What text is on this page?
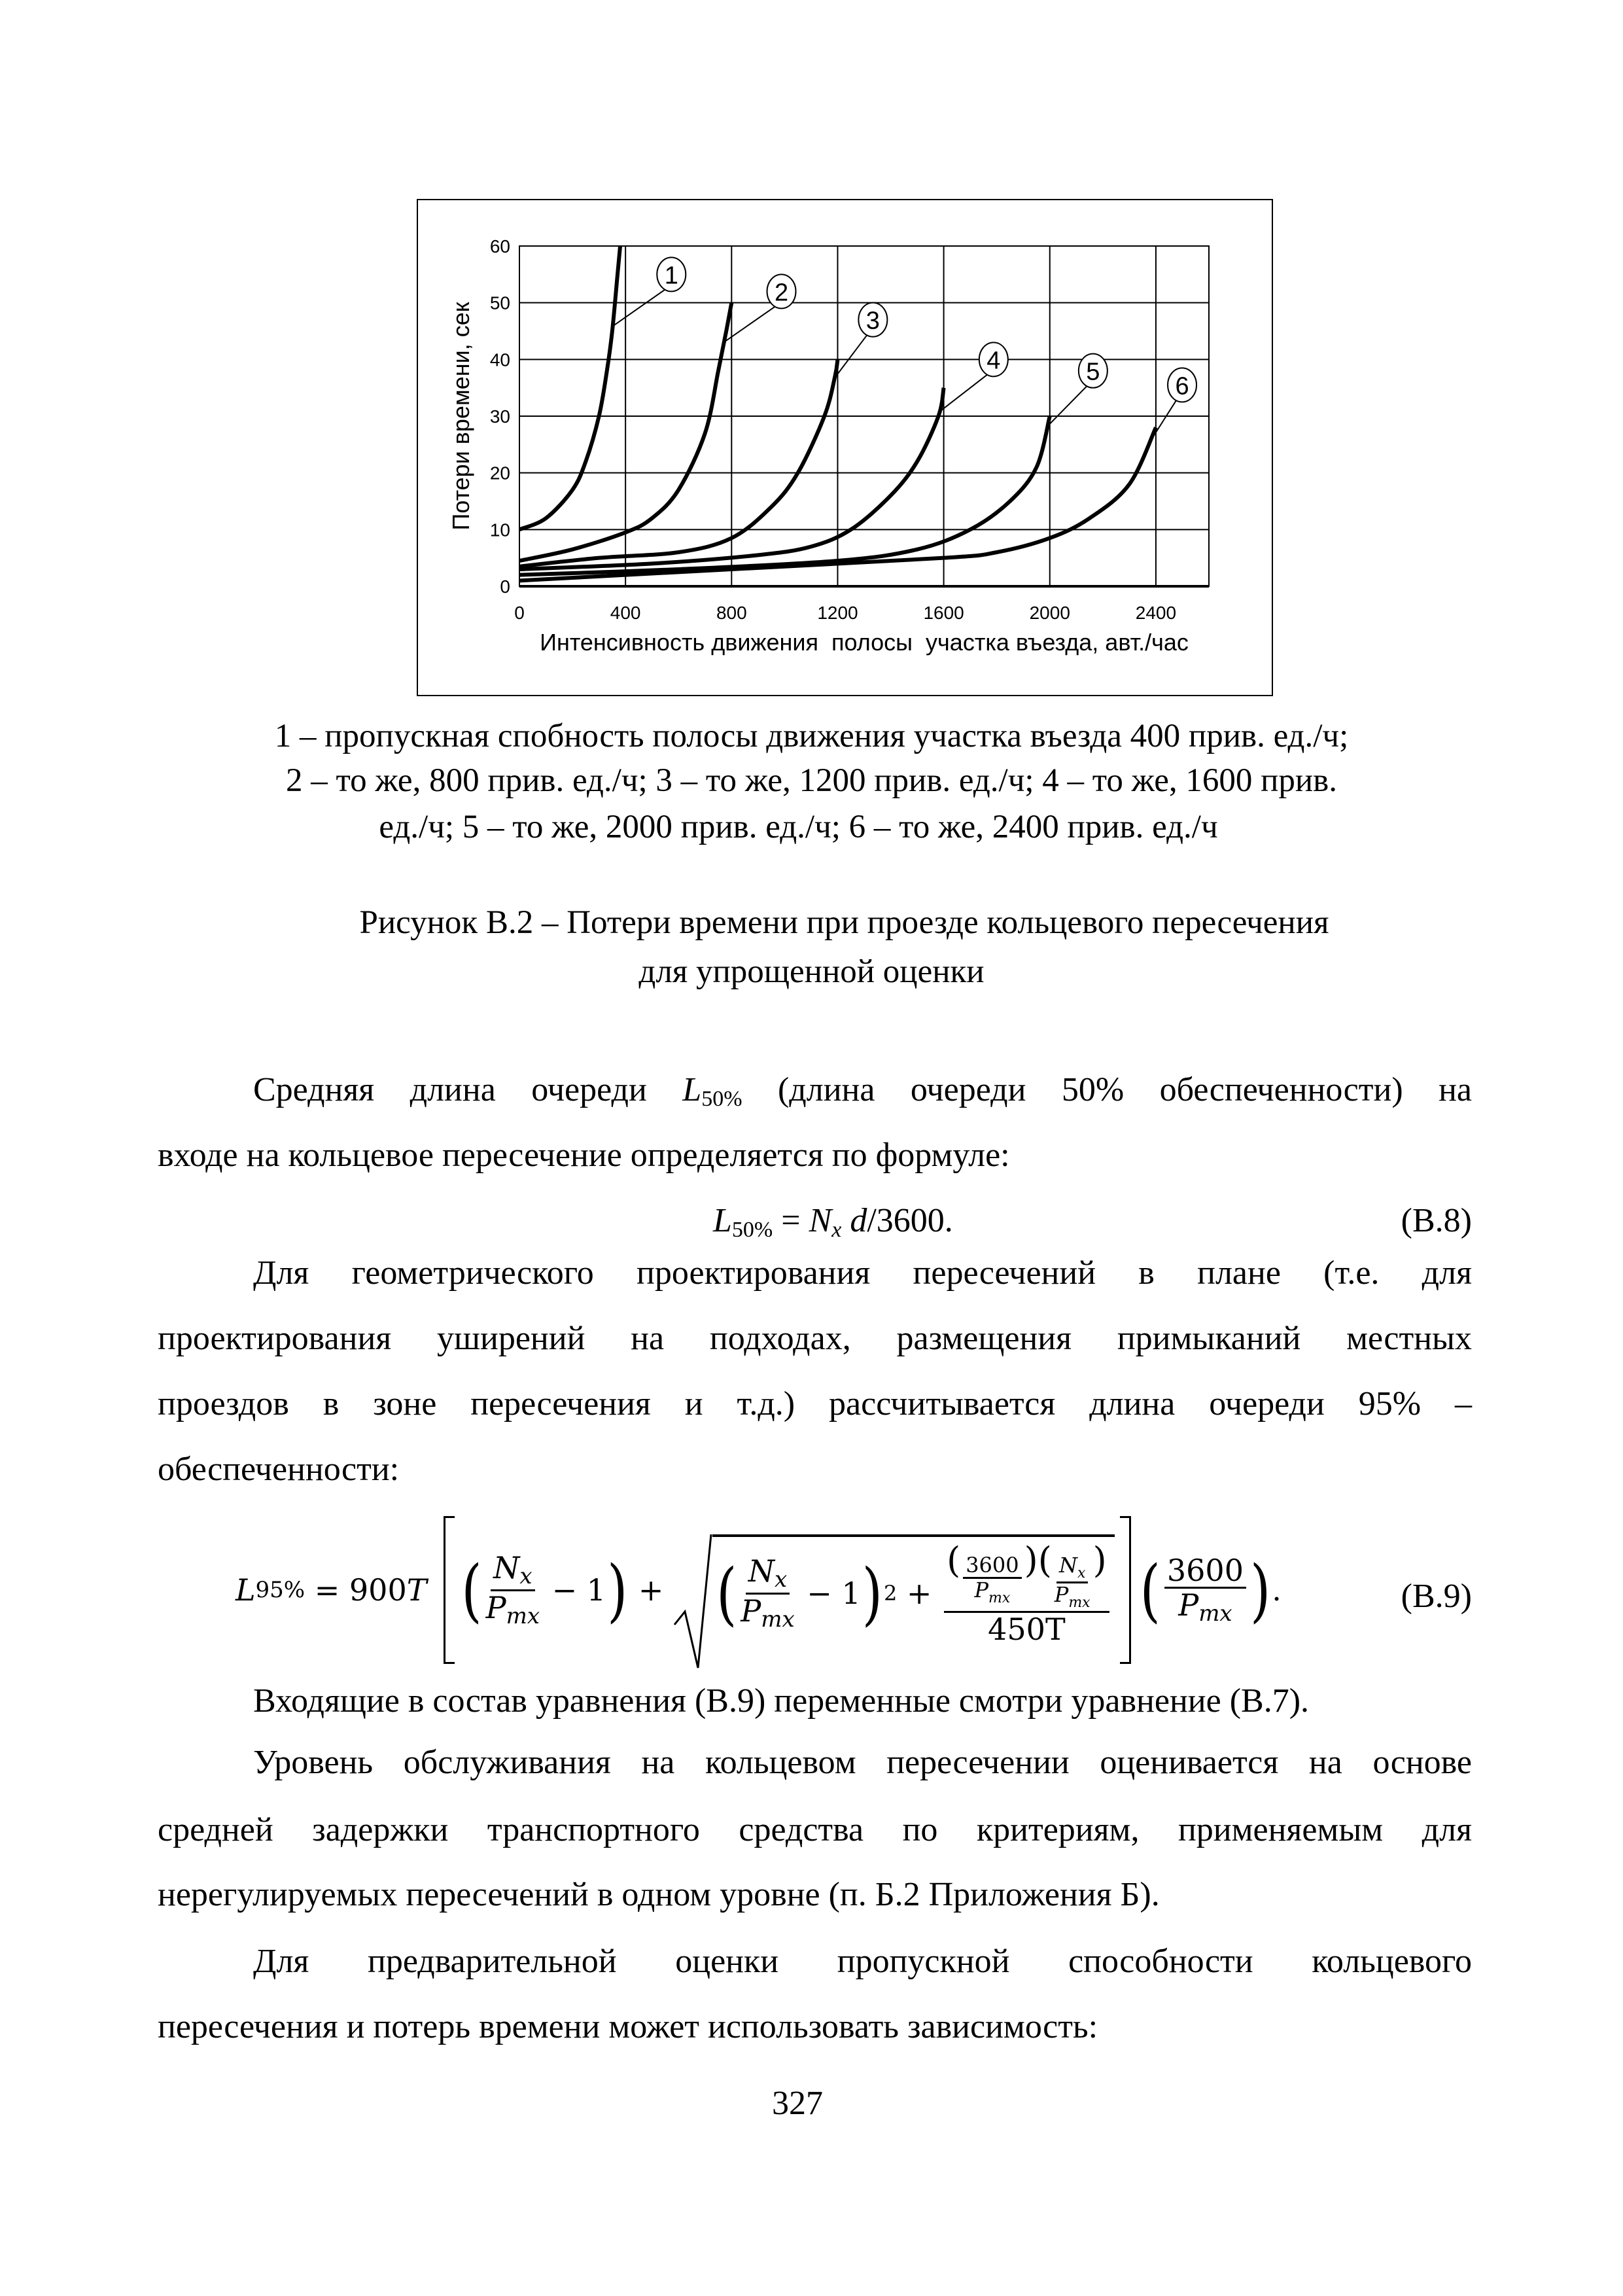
1
2
3
4	5
6
0	400	800	1200	1600	2000	2400
0
10
20
30
40
50
60
Интенсивность движения  полосы  участка въезда, авт./час
Потери времени, сек
1 – пропускная спобность полосы движения участка въезда 400 прив. ед./ч;
2 – то же, 800 прив. ед./ч; 3 – то же, 1200 прив. ед./ч; 4 – то же, 1600 прив.
ед./ч; 5 – то же, 2000 прив. ед./ч; 6 – то же, 2400 прив. ед./ч
Рисунок В.2 – Потери времени при проезде кольцевого пересечения
для упрощенной оценки
Средняя длина очереди $L_{50\%}$ (длина очереди 50% обеспеченности) на
входе на кольцевое пересечение определяется по формуле:
$L_{50\%} = N_x$ d/3600.	(В.8)
Для геометрического проектирования пересечений в плане (т.е. для
проектирования уширений на подходах, размещения примыканий местных
проездов в зоне пересечения и т.д.) рассчитывается длина очереди 95% –
обеспеченности:
L 95% = 900 T ( $\frac{N_x}{P_{mx}} - 1$ ) + ( $\frac{N_x}{P_{mx}} - 1$ ) $2 + \frac{( \frac{3600}{P_{mx}} )( \frac{N_x}{P_{mx}} )}{450T}$ ( $\frac{3600}{P_{mx}}$ ) .	(В.9)
Входящие в состав уравнения (В.9) переменные смотри уравнение (В.7).
Уровень обслуживания на кольцевом пересечении оценивается на основе
средней задержки транспортного средства по критериям, применяемым для
нерегулируемых пересечений в одном уровне (п. Б.2 Приложения Б).
Для предварительной оценки пропускной способности кольцевого
пересечения и потерь времени может использовать зависимость:
327
